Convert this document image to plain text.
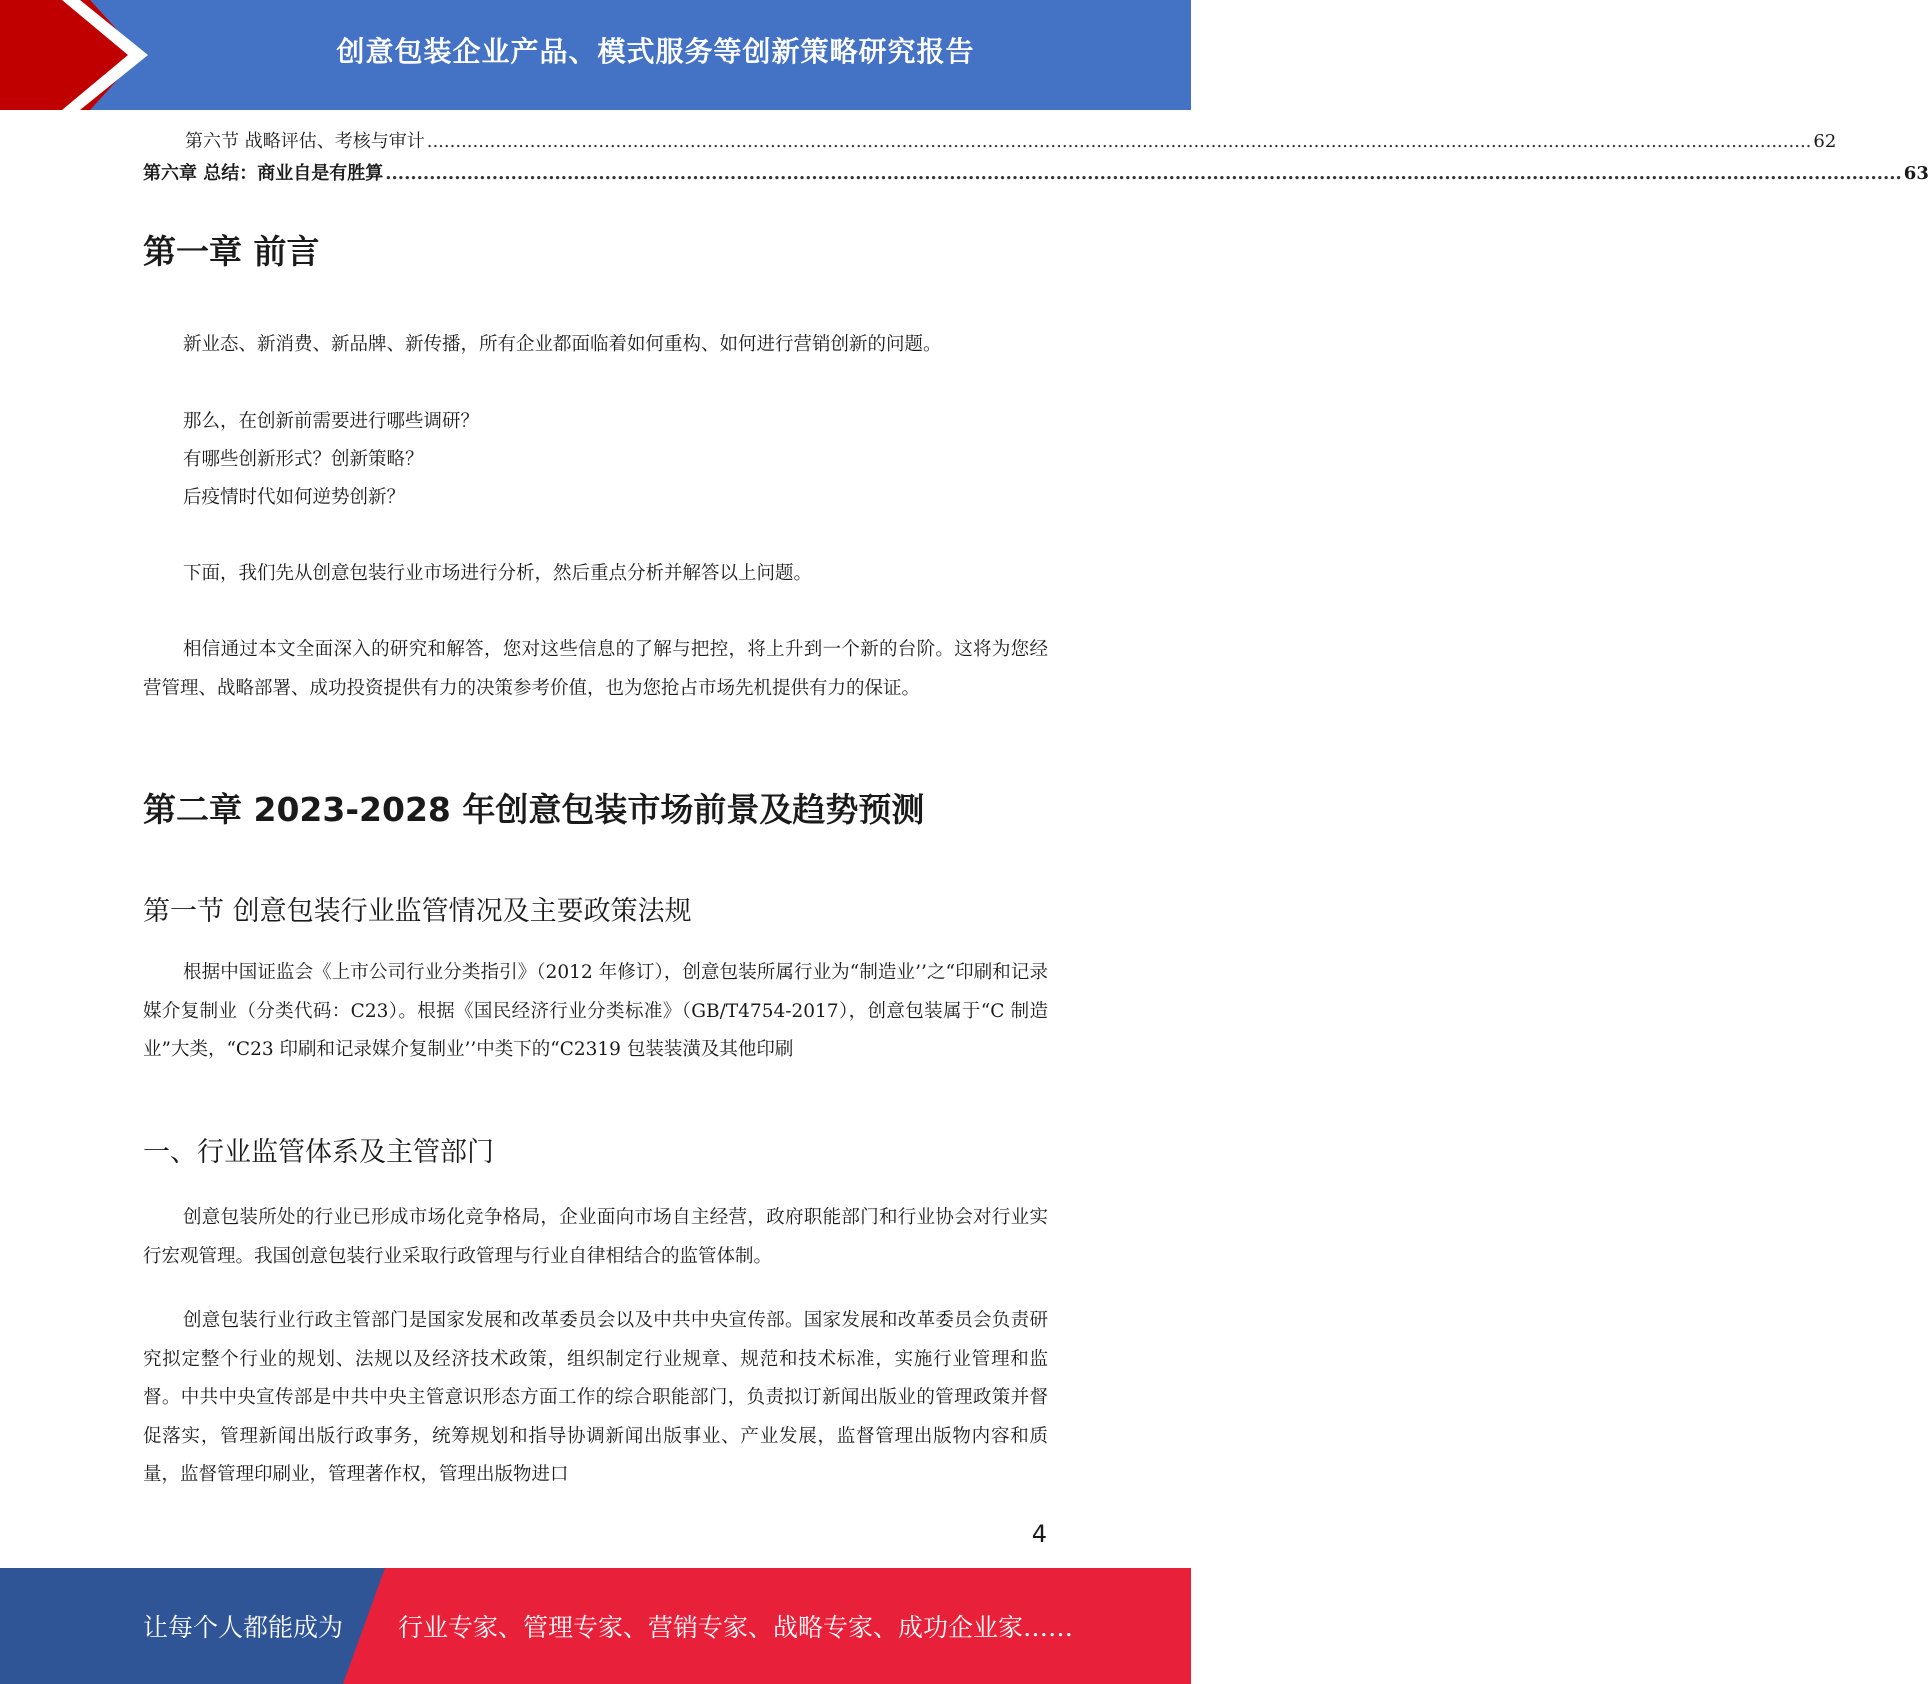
创意包装企业产品、模式服务等创新策略研究报告
第六节 战略评估、考核与审计 .................................................................................................................................................................................................................................................. 62
第六章 总结：商业自是有胜算 .................................................................................................................................................................................................................................................. 63
第一章 前言

新业态、新消费、新品牌、新传播，所有企业都面临着如何重构、如何进行营销创新的问题。

那么，在创新前需要进行哪些调研？
有哪些创新形式？创新策略？
后疫情时代如何逆势创新？

下面，我们先从创意包装行业市场进行分析，然后重点分析并解答以上问题。

相信通过本文全面深入的研究和解答，您对这些信息的了解与把控，将上升到一个新的台阶。这将为您经营管理、战略部署、成功投资提供有力的决策参考价值，也为您抢占市场先机提供有力的保证。

第二章 2023-2028 年创意包装市场前景及趋势预测
第一节 创意包装行业监管情况及主要政策法规

根据中国证监会《上市公司行业分类指引》（2012 年修订），创意包装所属行业为“制造业’’之“印刷和记录媒介复制业（分类代码：C23）。根据《国民经济行业分类标准》（GB/T4754-2017），创意包装属于“C 制造业”大类，“C23 印刷和记录媒介复制业’’中类下的“C2319 包装装潢及其他印刷

一、行业监管体系及主管部门

创意包装所处的行业已形成市场化竞争格局，企业面向市场自主经营，政府职能部门和行业协会对行业实行宏观管理。我国创意包装行业采取行政管理与行业自律相结合的监管体制。

创意包装行业行政主管部门是国家发展和改革委员会以及中共中央宣传部。国家发展和改革委员会负责研究拟定整个行业的规划、法规以及经济技术政策，组织制定行业规章、规范和技术标准，实施行业管理和监督。中共中央宣传部是中共中央主管意识形态方面工作的综合职能部门，负责拟订新闻出版业的管理政策并督促落实，管理新闻出版行政事务，统筹规划和指导协调新闻出版事业、产业发展，监督管理出版物内容和质量，监督管理印刷业，管理著作权，管理出版物进口

4
让每个人都能成为 行业专家、管理专家、营销专家、战略专家、成功企业家……
